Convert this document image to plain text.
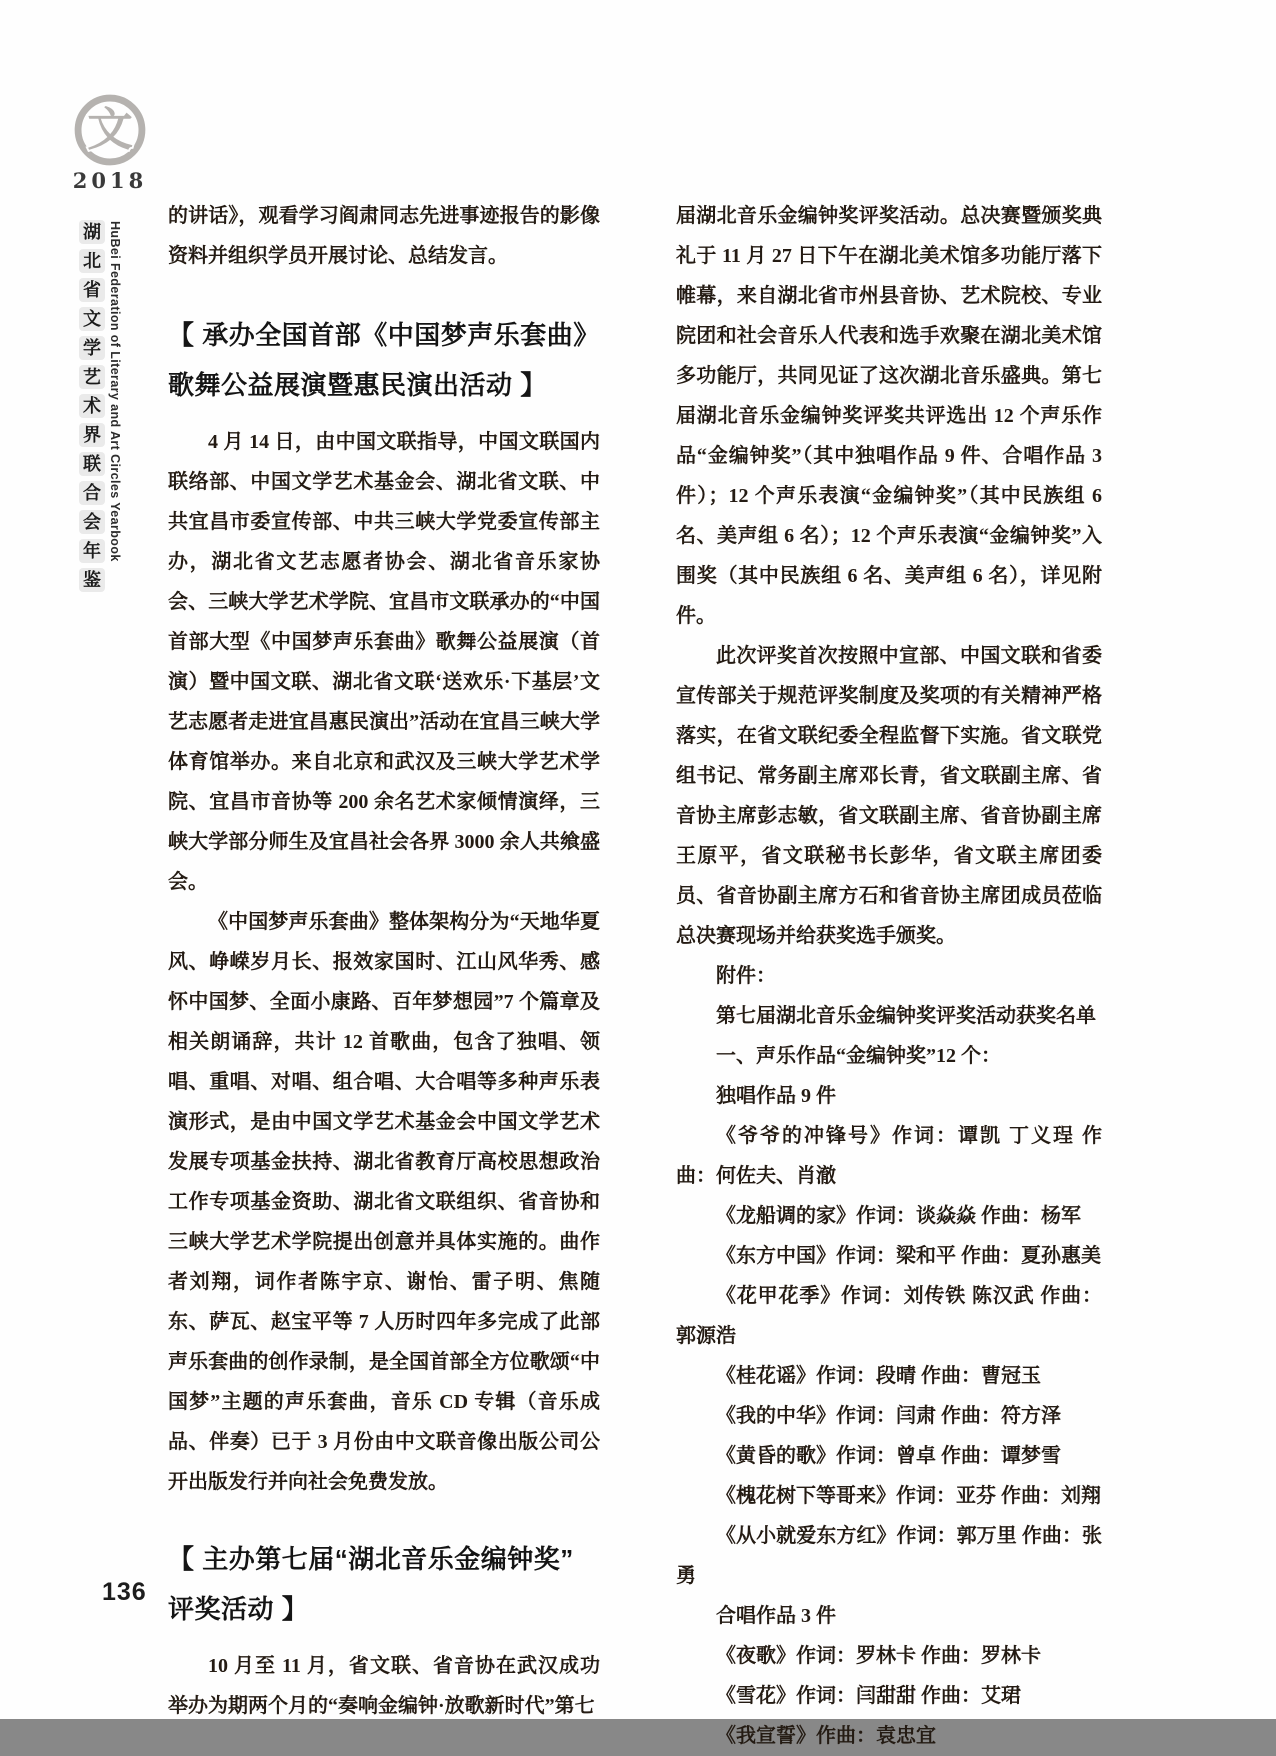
文
2018
湖
北
省
文
学
艺
术
界
联
合
会
年
鉴
HuBei Federation of Literary and Art Circles Yearbook

的讲话》，观看学习阎肃同志先进事迹报告的影像资料并组织学员开展讨论、总结发言。

【 承办全国首部《中国梦声乐套曲》歌舞公益展演暨惠民演出活动 】

4 月 14 日，由中国文联指导，中国文联国内联络部、中国文学艺术基金会、湖北省文联、中共宜昌市委宣传部、中共三峡大学党委宣传部主办，湖北省文艺志愿者协会、湖北省音乐家协会、三峡大学艺术学院、宜昌市文联承办的“中国首部大型《中国梦声乐套曲》歌舞公益展演（首演）暨中国文联、湖北省文联‘送欢乐·下基层’文艺志愿者走进宜昌惠民演出”活动在宜昌三峡大学体育馆举办。来自北京和武汉及三峡大学艺术学院、宜昌市音协等 200 余名艺术家倾情演绎，三峡大学部分师生及宜昌社会各界 3000 余人共飨盛会。

《中国梦声乐套曲》整体架构分为“天地华夏风、峥嵘岁月长、报效家国时、江山风华秀、感怀中国梦、全面小康路、百年梦想园”7 个篇章及相关朗诵辞，共计 12 首歌曲，包含了独唱、领唱、重唱、对唱、组合唱、大合唱等多种声乐表演形式，是由中国文学艺术基金会中国文学艺术发展专项基金扶持、湖北省教育厅高校思想政治工作专项基金资助、湖北省文联组织、省音协和三峡大学艺术学院提出创意并具体实施的。曲作者刘翔，词作者陈宇京、谢怡、雷子明、焦随东、萨瓦、赵宝平等 7 人历时四年多完成了此部声乐套曲的创作录制，是全国首部全方位歌颂“中国梦”主题的声乐套曲，音乐 CD 专辑（音乐成品、伴奏）已于 3 月份由中文联音像出版公司公开出版发行并向社会免费发放。

【 主办第七届“湖北音乐金编钟奖”评奖活动 】

10 月至 11 月，省文联、省音协在武汉成功举办为期两个月的“奏响金编钟·放歌新时代”第七

届湖北音乐金编钟奖评奖活动。总决赛暨颁奖典礼于 11 月 27 日下午在湖北美术馆多功能厅落下帷幕，来自湖北省市州县音协、艺术院校、专业院团和社会音乐人代表和选手欢聚在湖北美术馆多功能厅，共同见证了这次湖北音乐盛典。第七届湖北音乐金编钟奖评奖共评选出 12 个声乐作品“金编钟奖”（其中独唱作品 9 件、合唱作品 3 件）；12 个声乐表演“金编钟奖”（其中民族组 6 名、美声组 6 名）；12 个声乐表演“金编钟奖”入围奖（其中民族组 6 名、美声组 6 名），详见附件。

此次评奖首次按照中宣部、中国文联和省委宣传部关于规范评奖制度及奖项的有关精神严格落实，在省文联纪委全程监督下实施。省文联党组书记、常务副主席邓长青，省文联副主席、省音协主席彭志敏，省文联副主席、省音协副主席王原平，省文联秘书长彭华，省文联主席团委员、省音协副主席方石和省音协主席团成员莅临总决赛现场并给获奖选手颁奖。

附件：

第七届湖北音乐金编钟奖评奖活动获奖名单

一、声乐作品“金编钟奖”12 个：

独唱作品 9 件

《爷爷的冲锋号》作词：谭凯 丁义珵 作曲：何佐夫、肖澈

《龙船调的家》作词：谈焱焱 作曲：杨军

《东方中国》作词：梁和平 作曲：夏孙惠美

《花甲花季》作词：刘传铁 陈汉武 作曲：郭源浩

《桂花谣》作词：段晴 作曲：曹冠玉

《我的中华》作词：闫肃 作曲：符方泽

《黄昏的歌》作词：曾卓 作曲：谭梦雪

《槐花树下等哥来》作词：亚芬 作曲：刘翔

《从小就爱东方红》作词：郭万里 作曲：张勇

合唱作品 3 件

《夜歌》作词：罗林卡 作曲：罗林卡

《雪花》作词：闫甜甜 作曲：艾珺

《我宣誓》作曲：袁忠宜

136
